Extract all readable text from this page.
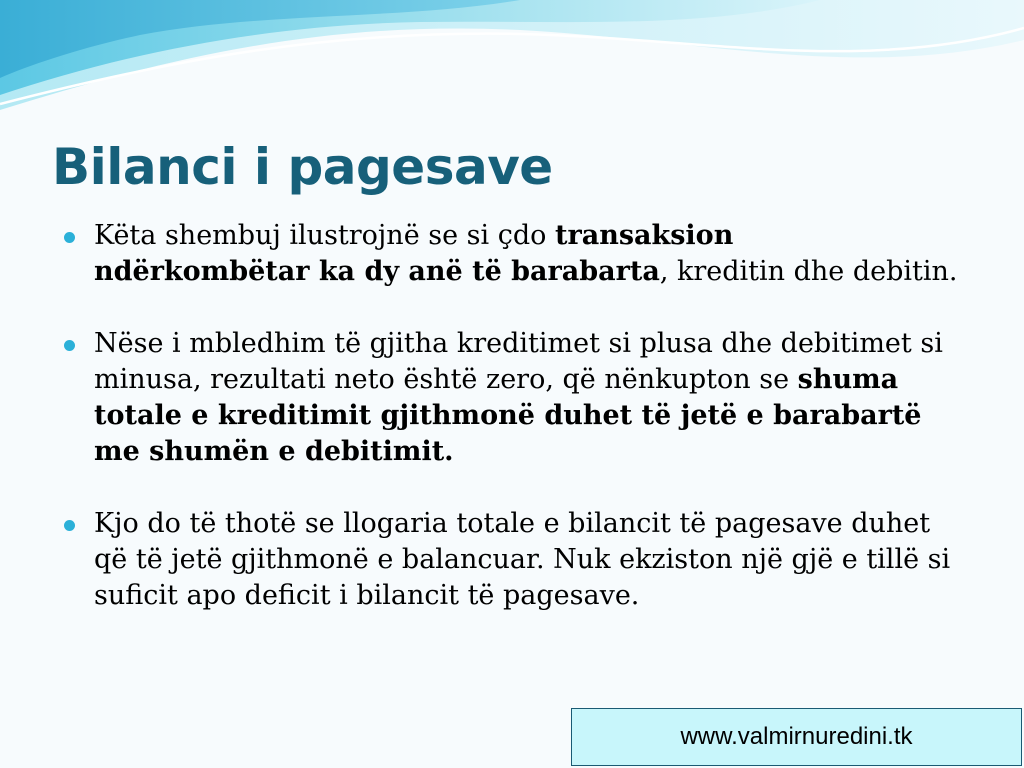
Bilanci i pagesave
Këta shembuj ilustrojnë se si çdo transaksion ndërkombëtar ka dy anë të barabarta, kreditin dhe debitin.
Nëse i mbledhim të gjitha kreditimet si plusa dhe debitimet si minusa, rezultati neto është zero, që nënkupton se shuma totale e kreditimit gjithmonë duhet të jetë e barabartë me shumën e debitimit.
Kjo do të thotë se llogaria totale e bilancit të pagesave duhet që të jetë gjithmonë e balancuar. Nuk ekziston një gjë e tillë si suficit apo deficit i bilancit të pagesave.
www.valmirnuredini.tk
